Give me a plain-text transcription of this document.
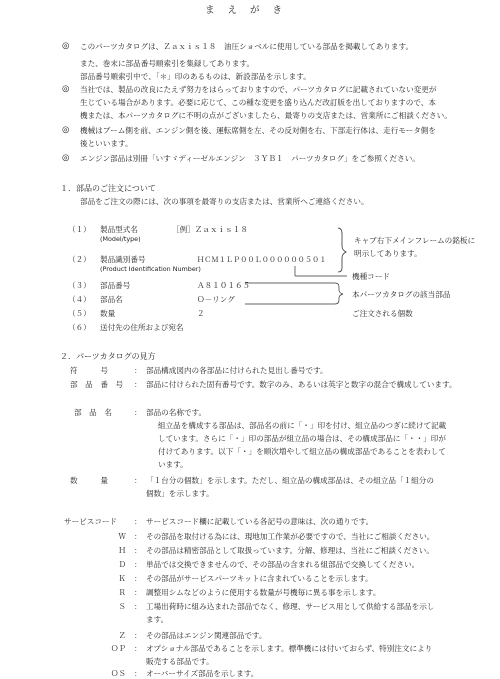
まえがき
◎ このパーツカタログは、Ｚａｘｉｓ１８　油圧ショベルに使用している部品を掲載してあります。
また、巻末に部品番号順索引を集録してあります。
部品番号順索引中で、「＊」印のあるものは、新設部品を示します。
◎ 当社では、製品の改良にたえず努力をはらっておりますので、パーツカタログに記載されていない変更が
生じている場合があります。必要に応じて、この種な変更を盛り込んだ改訂版を出しておりますので、本
機または、本パーツカタログに不明の点がございましたら、最寄りの支店または、営業所にご相談ください。
◎ 機械はブーム側を前、エンジン側を後、運転席側を左、その反対側を右、下部走行体は、走行モータ側を
後といいます。
◎ エンジン部品は別冊「いすゞディーゼルエンジン　３ＹＢ１　パーツカタログ」をご参照ください。
１．部品のご注文について
部品をご注文の際には、次の事項を最寄りの支店または、営業所へご連絡ください。
（１） 製品型式名
(Model/type)
［例］Ｚａｘｉｓ１８
（２） 製品識別番号
(Product Identification Number)
ＨＣＭ１ＬＰ００Ｌ００００００５０１
（３） 部品番号	Ａ８１０１６５
（４） 部品名	Ｏ－リング
（５） 数量	２
（６） 送付先の住所および宛名
キャブ右下メインフレームの銘板に
明示してあります。
機種コード
本パーツカタログの該当部品
ご注文される個数
２．パーツカタログの見方
符　　　号	： 部品構成図内の各部品に付けられた見出し番号です。
部　品　番　号 ： 部品に付けられた固有番号です。数字のみ、あるいは英字と数字の混合で構成しています。
部　品　名	： 部品の名称です。
組立品を構成する部品は、部品名の前に「・」印を付け、組立品のつぎに続けて記載
しています。さらに「・」印の部品が組立品の場合は、その構成部品に「・・」印が
付けてあります。以下「・」を順次増やして組立品の構成部品であることを表わして
います。
数　　　量	： 「１台分の個数」を示します。ただし、組立品の構成部品は、その組立品「１組分の
個数」を示します。
サービスコード ： サービスコード欄に記載している各記号の意味は、次の通りです。
Ｗ ： その部品を取付ける為には、現地加工作業が必要ですので、当社にご相談ください。
Ｈ ： その部品は精密部品として取扱っています。分解、修理は、当社にご相談ください。
Ｄ ： 単品では交換できませんので、その部品の含まれる組部品で交換してください。
Ｋ ： その部品がサービスパーツキットに含まれていることを示します。
Ｒ ： 調整用シムなどのように使用する数量が号機毎に異る事を示します。
Ｓ ： 工場出荷時に組み込まれた部品でなく、修理、サービス用として供給する部品を示し
ます。
Ｚ ： その部品はエンジン関連部品です。
ＯＰ ： オプショナル部品であることを示します。標準機には付いておらず、特別注文により
販売する部品です。
ＯＳ ： オーバーサイズ部品を示します。
